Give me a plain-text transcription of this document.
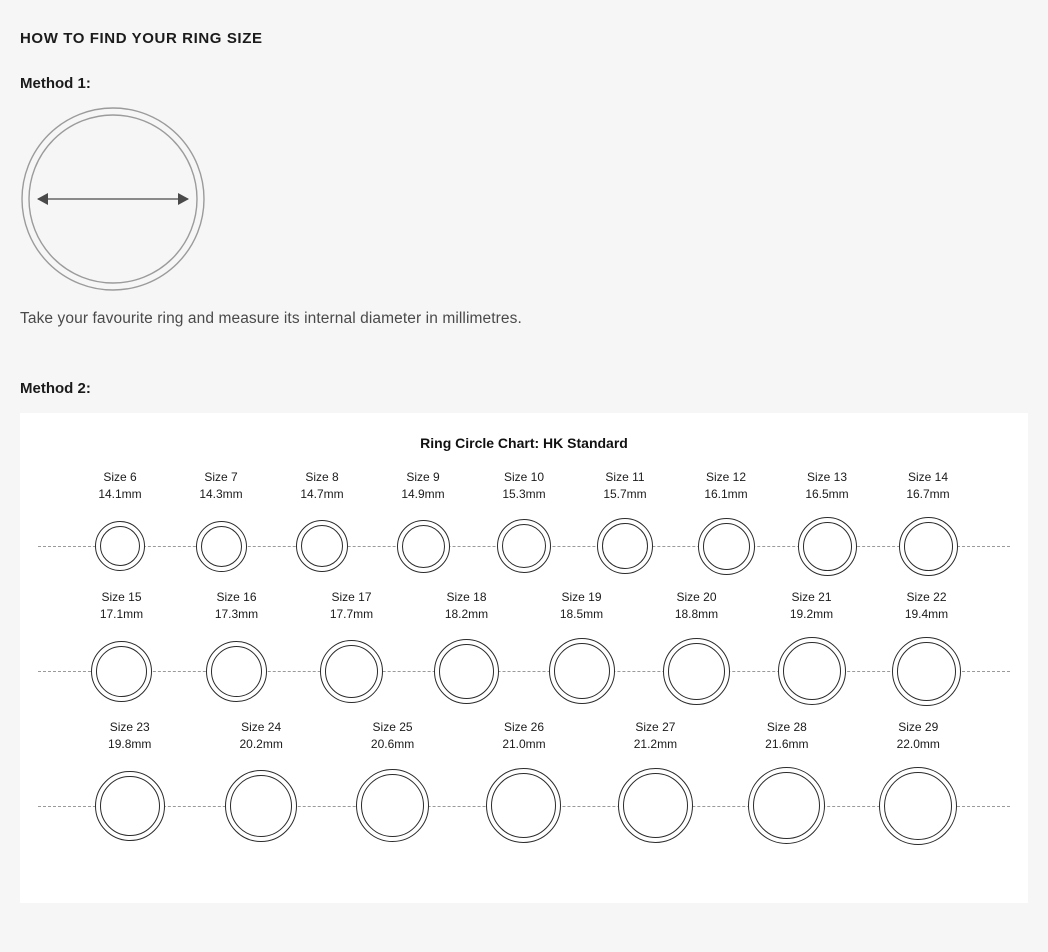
HOW TO FIND YOUR RING SIZE
Method 1:

Take your favourite ring and measure its internal diameter in millimetres.

Method 2:
Ring Circle Chart: HK Standard
Size 6
14.1mm
Size 7
14.3mm
Size 8
14.7mm
Size 9
14.9mm
Size 10
15.3mm
Size 11
15.7mm
Size 12
16.1mm
Size 13
16.5mm
Size 14
16.7mm
Size 15
17.1mm
Size 16
17.3mm
Size 17
17.7mm
Size 18
18.2mm
Size 19
18.5mm
Size 20
18.8mm
Size 21
19.2mm
Size 22
19.4mm
Size 23
19.8mm
Size 24
20.2mm
Size 25
20.6mm
Size 26
21.0mm
Size 27
21.2mm
Size 28
21.6mm
Size 29
22.0mm
